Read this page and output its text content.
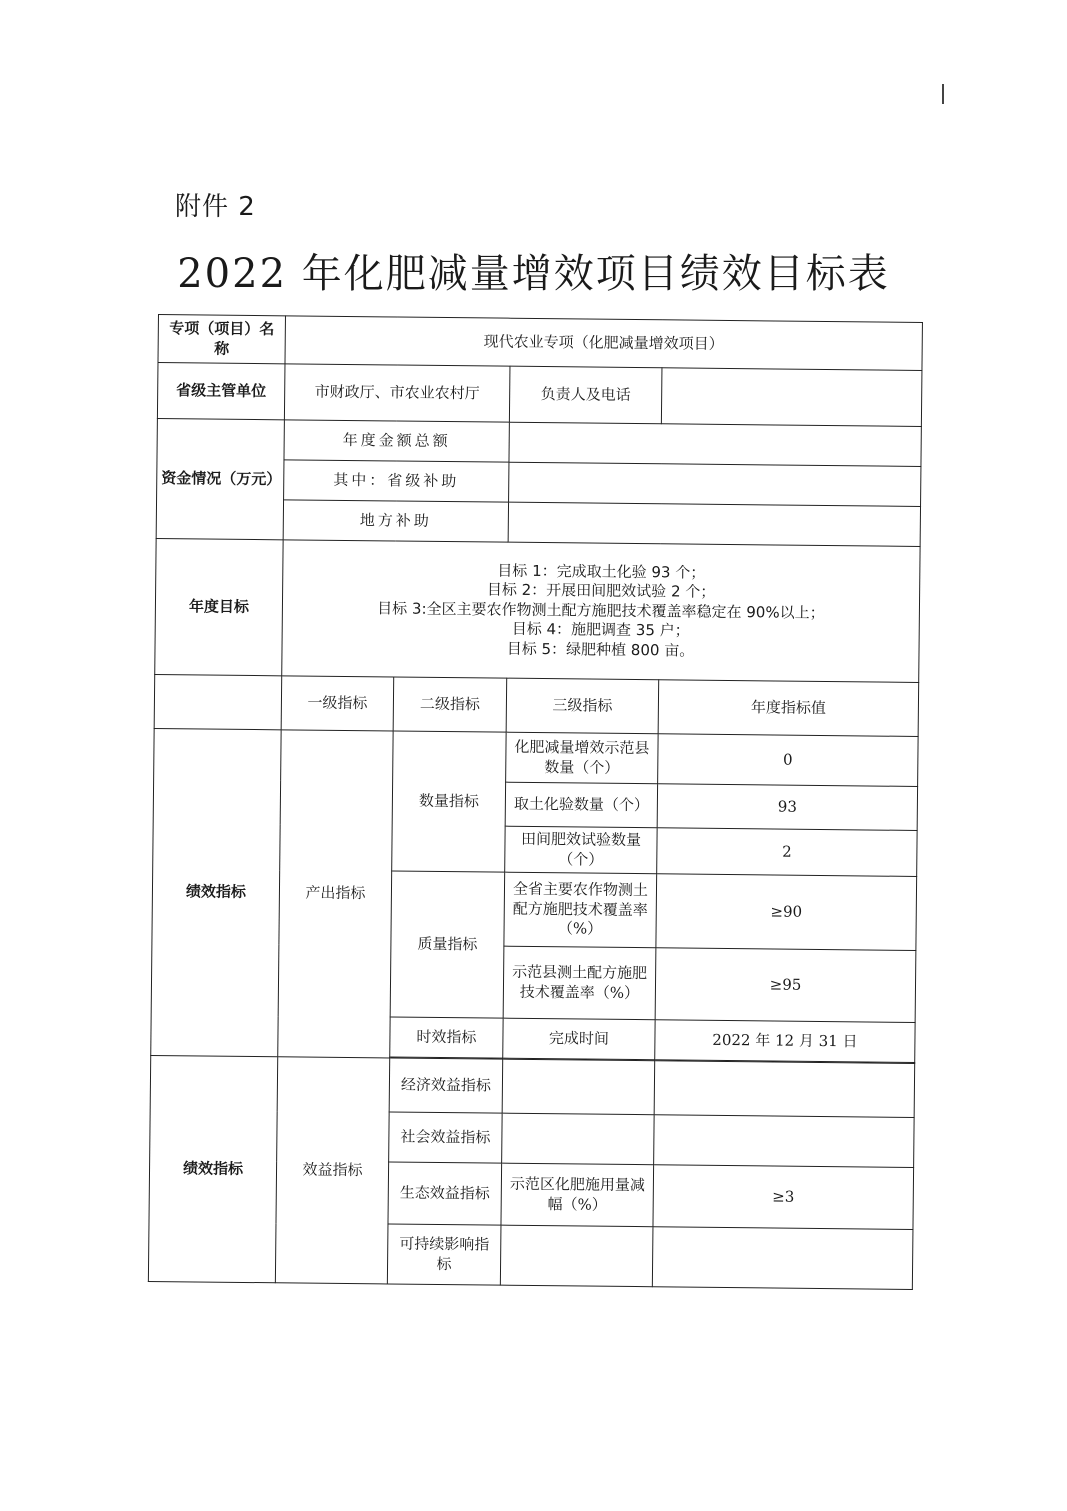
附件 2
2022 年化肥减量增效项目绩效目标表
专项（项目）名称	现代农业专项（化肥减量增效项目）			
省级主管单位	市财政厅、市农业农村厅		负责人及电话	
资金情况（万元）	年度金额总额			
	其中：省级补助			
	地方补助			
年度目标	目标 1：完成取土化验 93 个；
目标 2：开展田间肥效试验 2 个；
目标 3:全区主要农作物测土配方施肥技术覆盖率稳定在 90%以上；
目标 4：施肥调查 35 户；
目标 5：绿肥种植 800 亩。			

	一级指标	二级指标	三级指标	年度指标值
绩效指标	产出指标	数量指标	化肥减量增效示范县数量（个）	0
			取土化验数量（个）	93
			田间肥效试验数量（个）	2
		质量指标	全省主要农作物测土配方施肥技术覆盖率（%）	≥90
			示范县测土配方施肥技术覆盖率（%）	≥95
		时效指标	完成时间	2022 年 12 月 31 日

绩效指标	效益指标	经济效益指标		
		社会效益指标		
		生态效益指标	示范区化肥施用量减幅（%）	≥3
		可持续影响指标		
